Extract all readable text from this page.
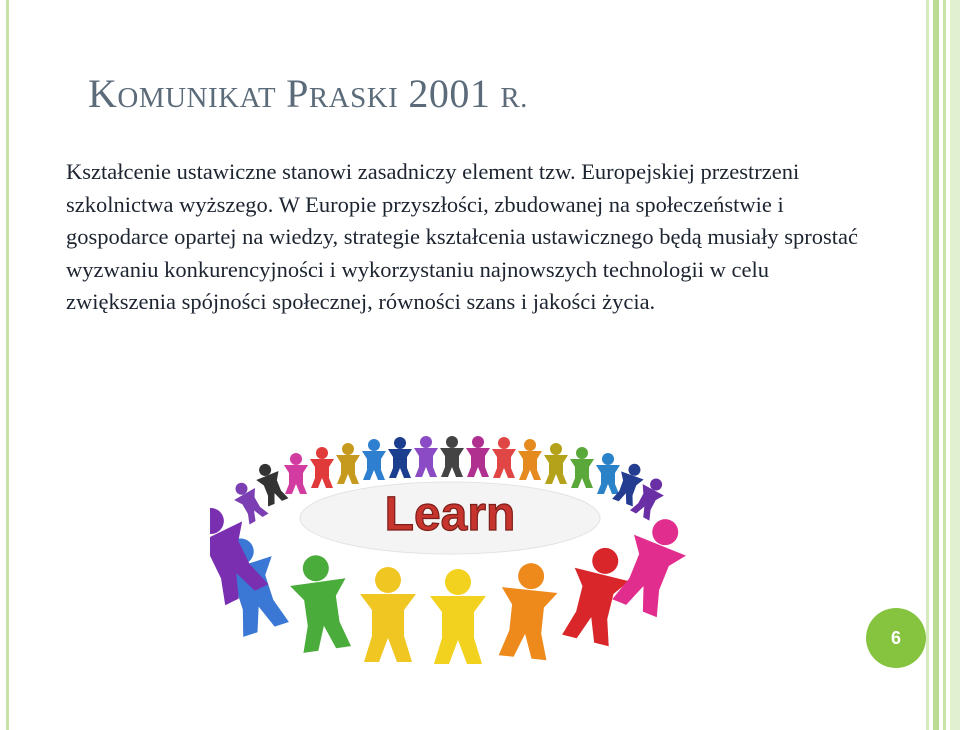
KOMUNIKAT PRASKI 2001 R.

Kształcenie ustawiczne stanowi zasadniczy element tzw. Europejskiej przestrzeni szkolnictwa wyższego. W Europie przyszłości, zbudowanej na społeczeństwie i gospodarce opartej na wiedzy, strategie kształcenia ustawicznego będą musiały sprostać wyzwaniu konkurencyjności i wykorzystaniu najnowszych technologii w celu zwiększenia spójności społecznej, równości szans i jakości życia.

Learn
6
